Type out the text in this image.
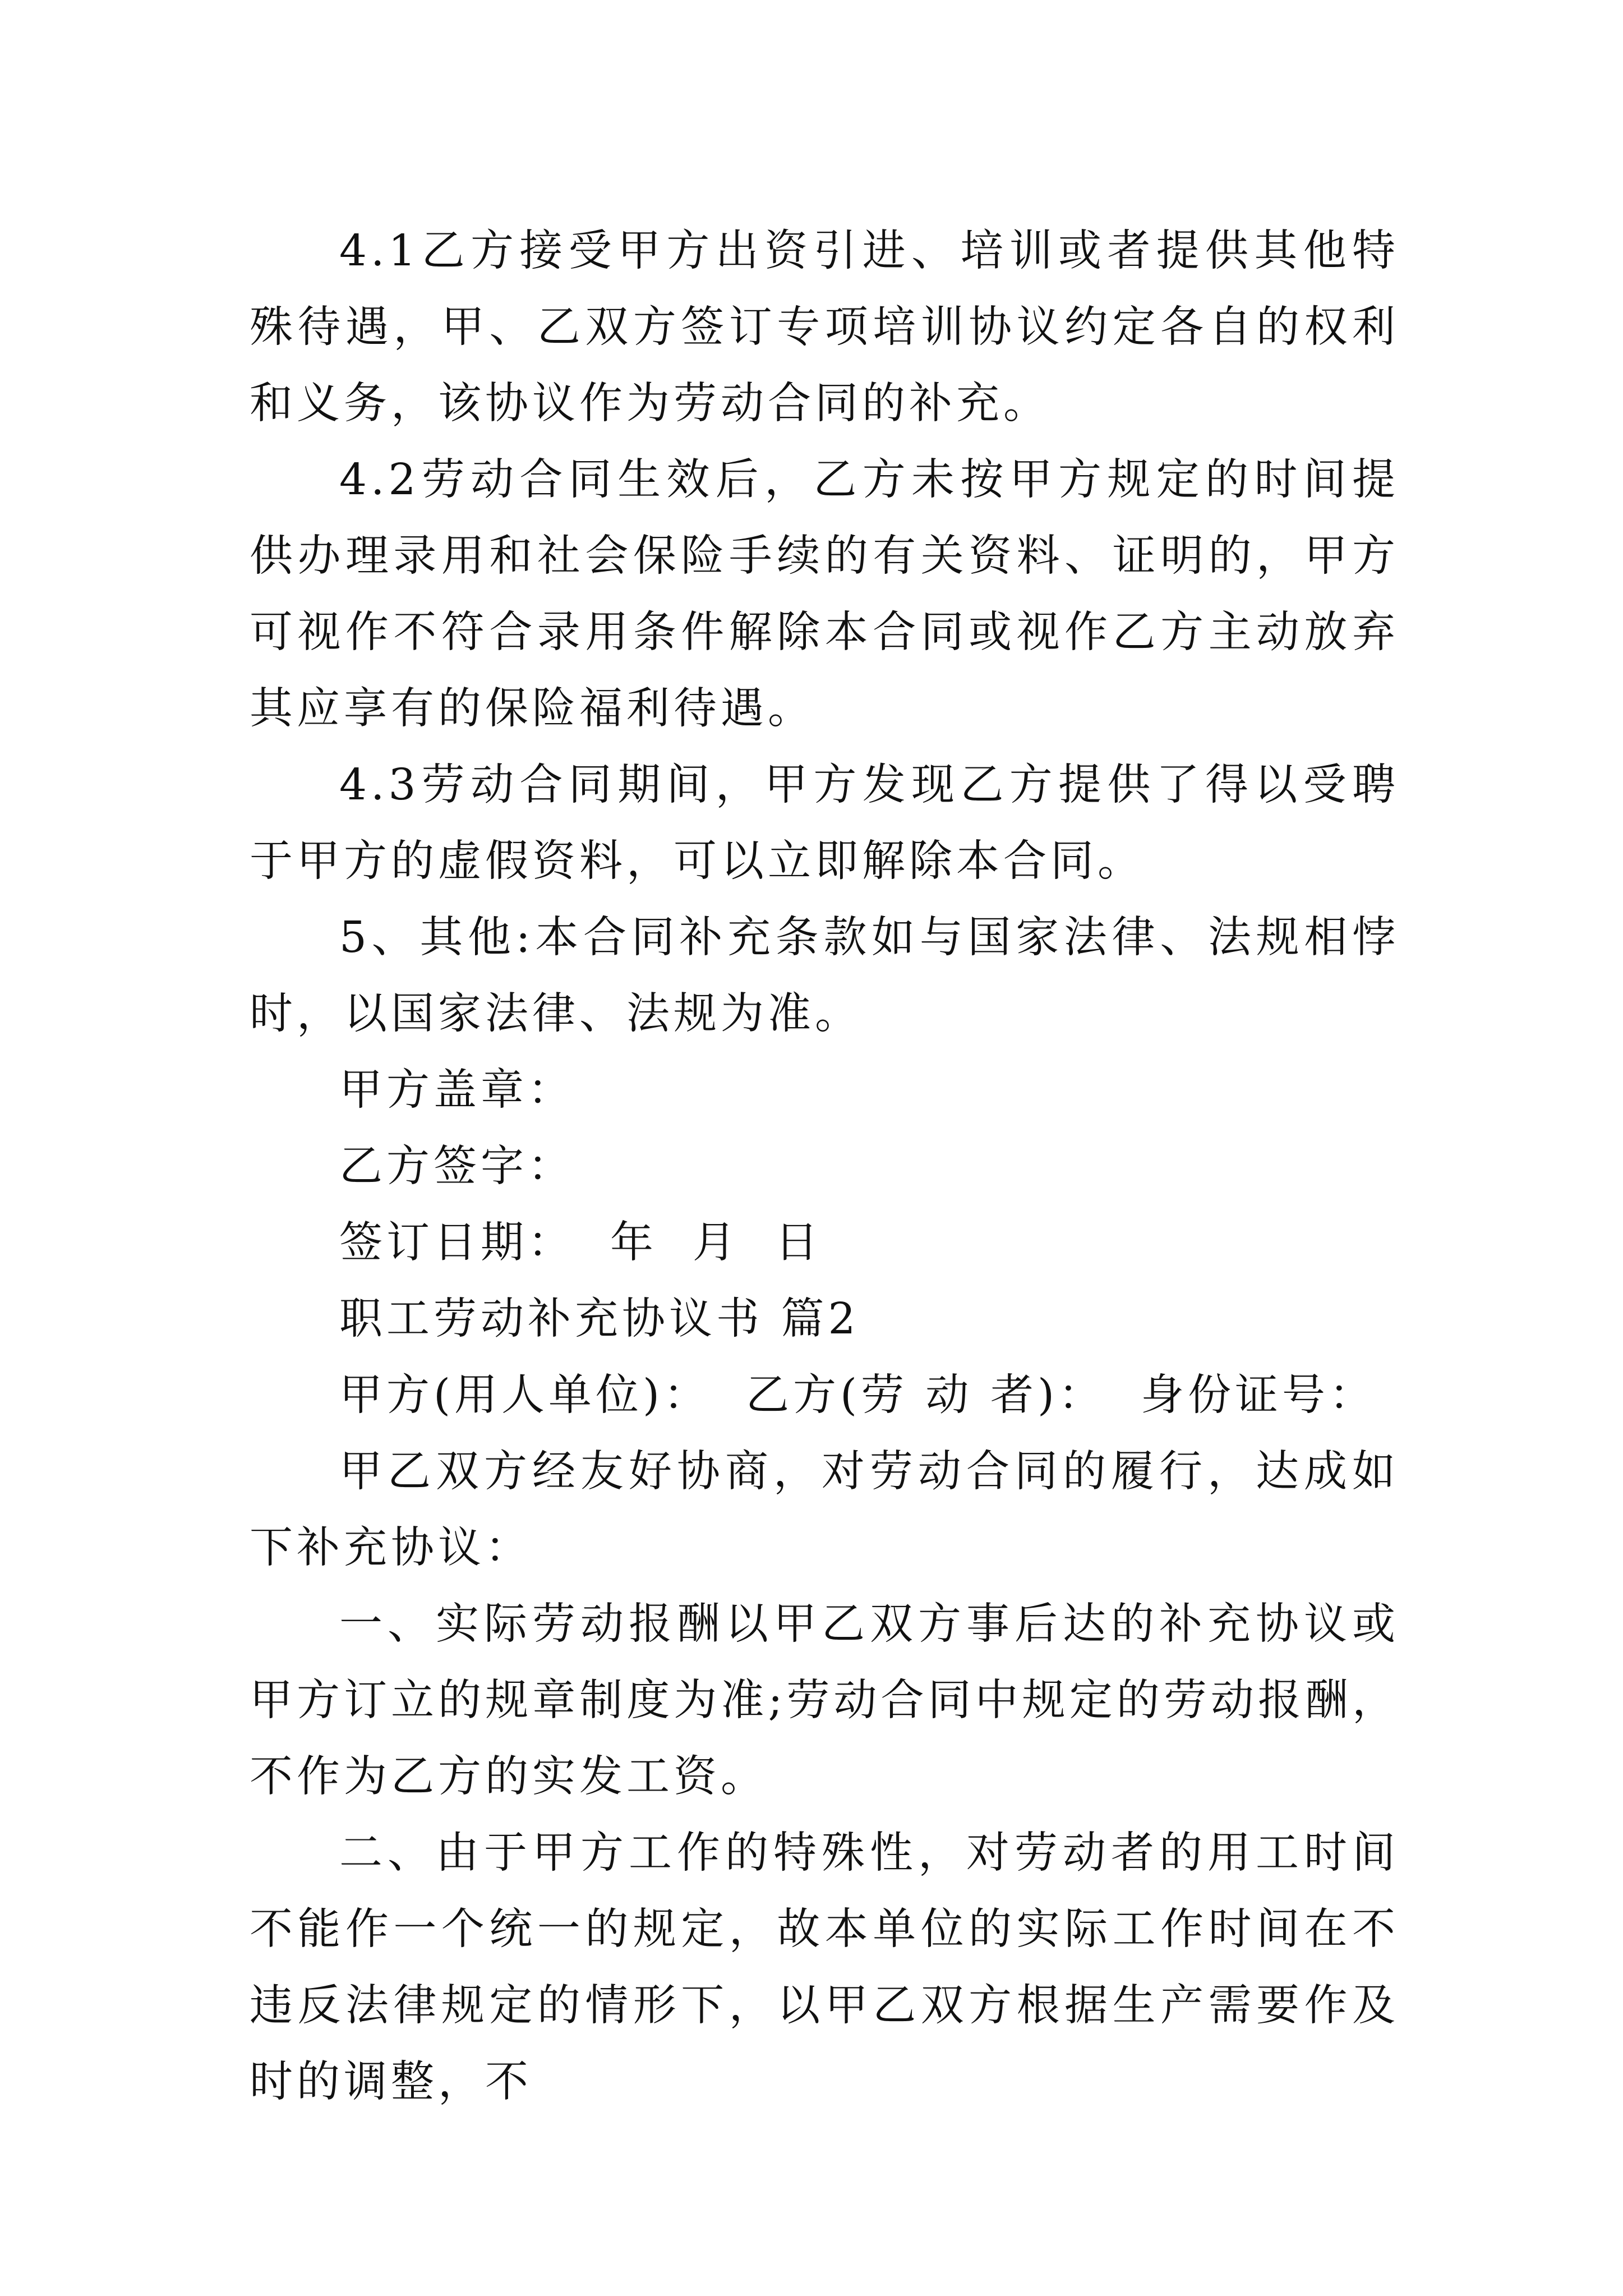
4.1乙方接受甲方出资引进、培训或者提供其他特殊待遇，甲、乙双方签订专项培训协议约定各自的权利和义务，该协议作为劳动合同的补充。

4.2劳动合同生效后，乙方未按甲方规定的时间提供办理录用和社会保险手续的有关资料、证明的，甲方可视作不符合录用条件解除本合同或视作乙方主动放弃其应享有的保险福利待遇。

4.3劳动合同期间，甲方发现乙方提供了得以受聘于甲方的虚假资料，可以立即解除本合同。

5、其他:本合同补充条款如与国家法律、法规相悖时，以国家法律、法规为准。

甲方盖章：

乙方签字：

签订日期：  年  月  日

职工劳动补充协议书 篇2

甲方(用人单位)：  乙方(劳 动 者)：  身份证号：

甲乙双方经友好协商，对劳动合同的履行，达成如下补充协议：

一、实际劳动报酬以甲乙双方事后达的补充协议或甲方订立的规章制度为准;劳动合同中规定的劳动报酬，不作为乙方的实发工资。

二、由于甲方工作的特殊性，对劳动者的用工时间不能作一个统一的规定，故本单位的实际工作时间在不违反法律规定的情形下，以甲乙双方根据生产需要作及时的调整，不
